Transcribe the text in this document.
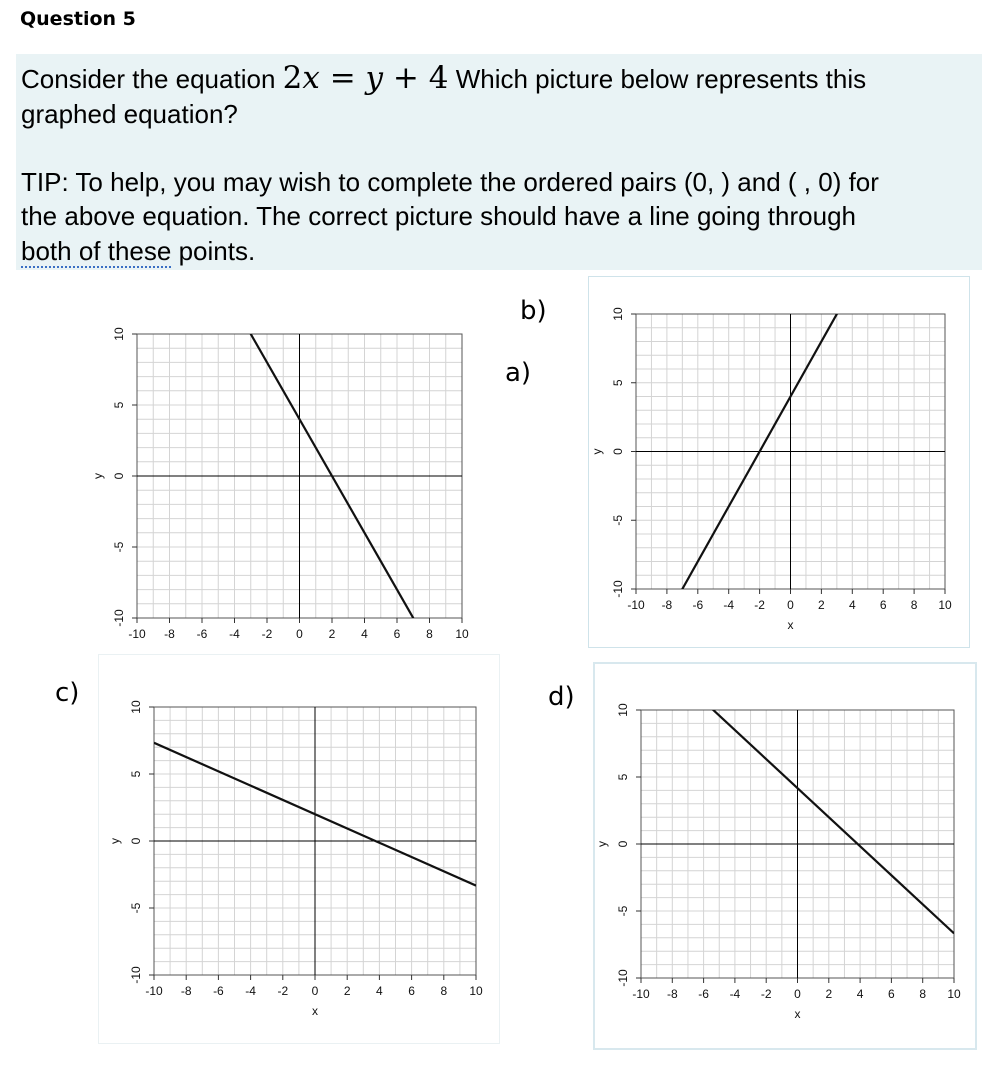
Question 5
Consider the equation 2x = y + 4 Which picture below represents this
graphed equation?
TIP: To help, you may wish to complete the ordered pairs (0, ) and ( , 0) for
the above equation. The correct picture should have a line going through
both of these points.
b)
a)
c)	d)
-10 -8 -6 -4 -2 0 2 4 6 8 10
-10
-5
0
5
10
y
-10 -8 -6 -4 -2 0 2 4 6 8 10
-10
-5
0
5
10
x
y
-10 -8 -6 -4 -2 0 2 4 6 8 10
-10
-5
0
5
10
x
y
-10 -8 -6 -4 -2 0 2 4 6 8 10
-10
-5
0
5
10
x
y
